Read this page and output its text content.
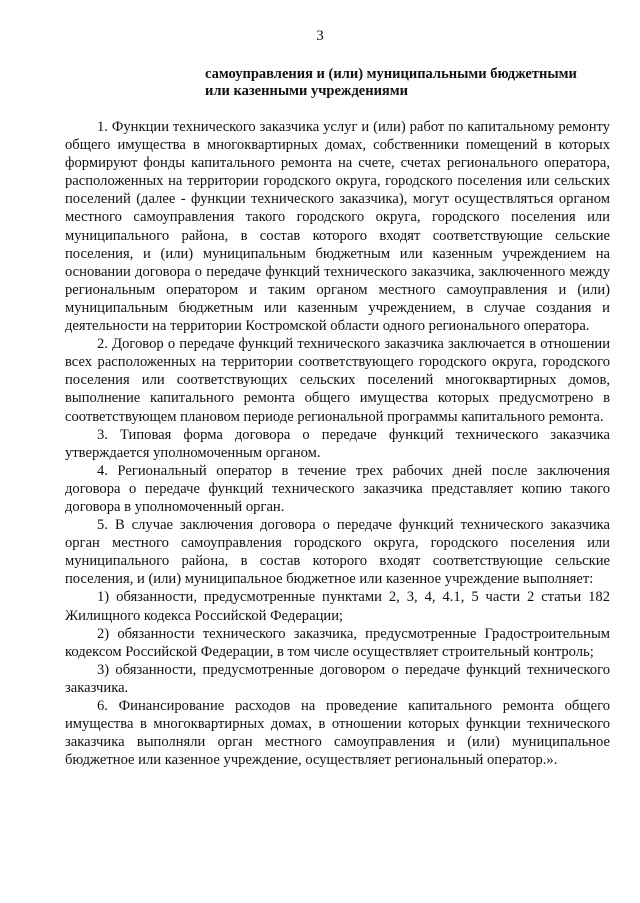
3
самоуправления и (или) муниципальными бюджетными
или казенными учреждениями

1. Функции технического заказчика услуг и (или) работ по капитальному ремонту общего имущества в многоквартирных домах, собственники помещений в которых формируют фонды капитального ремонта на счете, счетах регионального оператора, расположенных на территории городского округа, городского поселения или сельских поселений (далее - функции технического заказчика), могут осуществляться органом местного самоуправления такого городского округа, городского поселения или муниципального района, в состав которого входят соответствующие сельские поселения, и (или) муниципальным бюджетным или казенным учреждением на основании договора о передаче функций технического заказчика, заключенного между региональным оператором и таким органом местного самоуправления и (или) муниципальным бюджетным или казенным учреждением, в случае создания и деятельности на территории Костромской области одного регионального оператора.

2. Договор о передаче функций технического заказчика заключается в отношении всех расположенных на территории соответствующего городского округа, городского поселения или соответствующих сельских поселений многоквартирных домов, выполнение капитального ремонта общего имущества которых предусмотрено в соответствующем плановом периоде региональной программы капитального ремонта.

3. Типовая форма договора о передаче функций технического заказчика утверждается уполномоченным органом.

4. Региональный оператор в течение трех рабочих дней после заключения договора о передаче функций технического заказчика представляет копию такого договора в уполномоченный орган.

5. В случае заключения договора о передаче функций технического заказчика орган местного самоуправления городского округа, городского поселения или муниципального района, в состав которого входят соответствующие сельские поселения, и (или) муниципальное бюджетное или казенное учреждение выполняет:

1) обязанности, предусмотренные пунктами 2, 3, 4, 4.1, 5 части 2 статьи 182 Жилищного кодекса Российской Федерации;

2) обязанности технического заказчика, предусмотренные Градостроительным кодексом Российской Федерации, в том числе осуществляет строительный контроль;

3) обязанности, предусмотренные договором о передаче функций технического заказчика.

6. Финансирование расходов на проведение капитального ремонта общего имущества в многоквартирных домах, в отношении которых функции технического заказчика выполняли орган местного самоуправления и (или) муниципальное бюджетное или казенное учреждение, осуществляет региональный оператор.».
